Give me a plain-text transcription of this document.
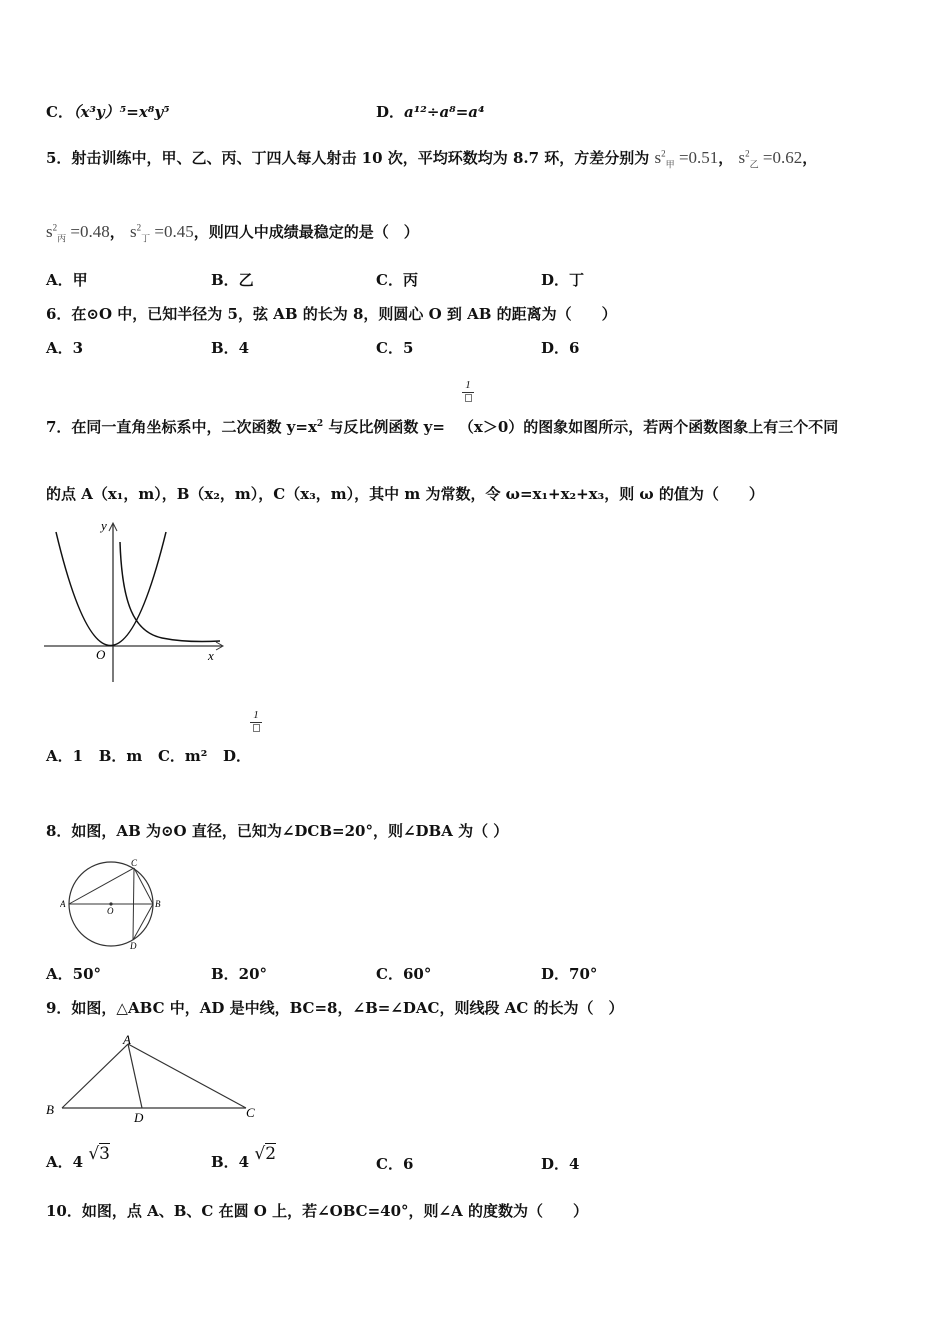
C．（x³y）⁵=x⁸y⁵	D．a¹²÷a⁸=a⁴
5．射击训练中，甲、乙、丙、丁四人每人射击 10 次，平均环数均为 8.7 环，方差分别为 $s^2_甲 =0.51$， $s^2_乙 =0.62$，
$s^2_丙 =0.48$， $s^2_丁 =0.45$，则四人中成绩最稳定的是（　）
A．甲	B．乙	C．丙	D．丁
6．在⊙O 中，已知半径为 5，弦 AB 的长为 8，则圆心 O 到 AB 的距离为（　　）
A．3	B．4	C．5	D．6
1
7．在同一直角坐标系中，二次函数 $y=x^2$ 与反比例函数 y= （x＞0）的图象如图所示，若两个函数图象上有三个不同
的点 A（x₁，m），B（x₂，m），C（x₃，m），其中 m 为常数，令 ω=x₁+x₂+x₃，则 ω 的值为（　　）
y
x
O
1
A．1 B．m C．m² D．
8．如图，AB 为⊙O 直径，已知为∠DCB=20°，则∠DBA 为（ ）
A	B
C
D
O
A．50°	B．20°	C．60°	D．70°
9．如图，△ABC 中，AD 是中线，BC=8，∠B=∠DAC，则线段 AC 的长为（　）
A
B	C
D
A．4 √3	B．4 √2	C．6	D．4
10．如图，点 A、B、C 在圆 O 上，若∠OBC=40°，则∠A 的度数为（　　）
